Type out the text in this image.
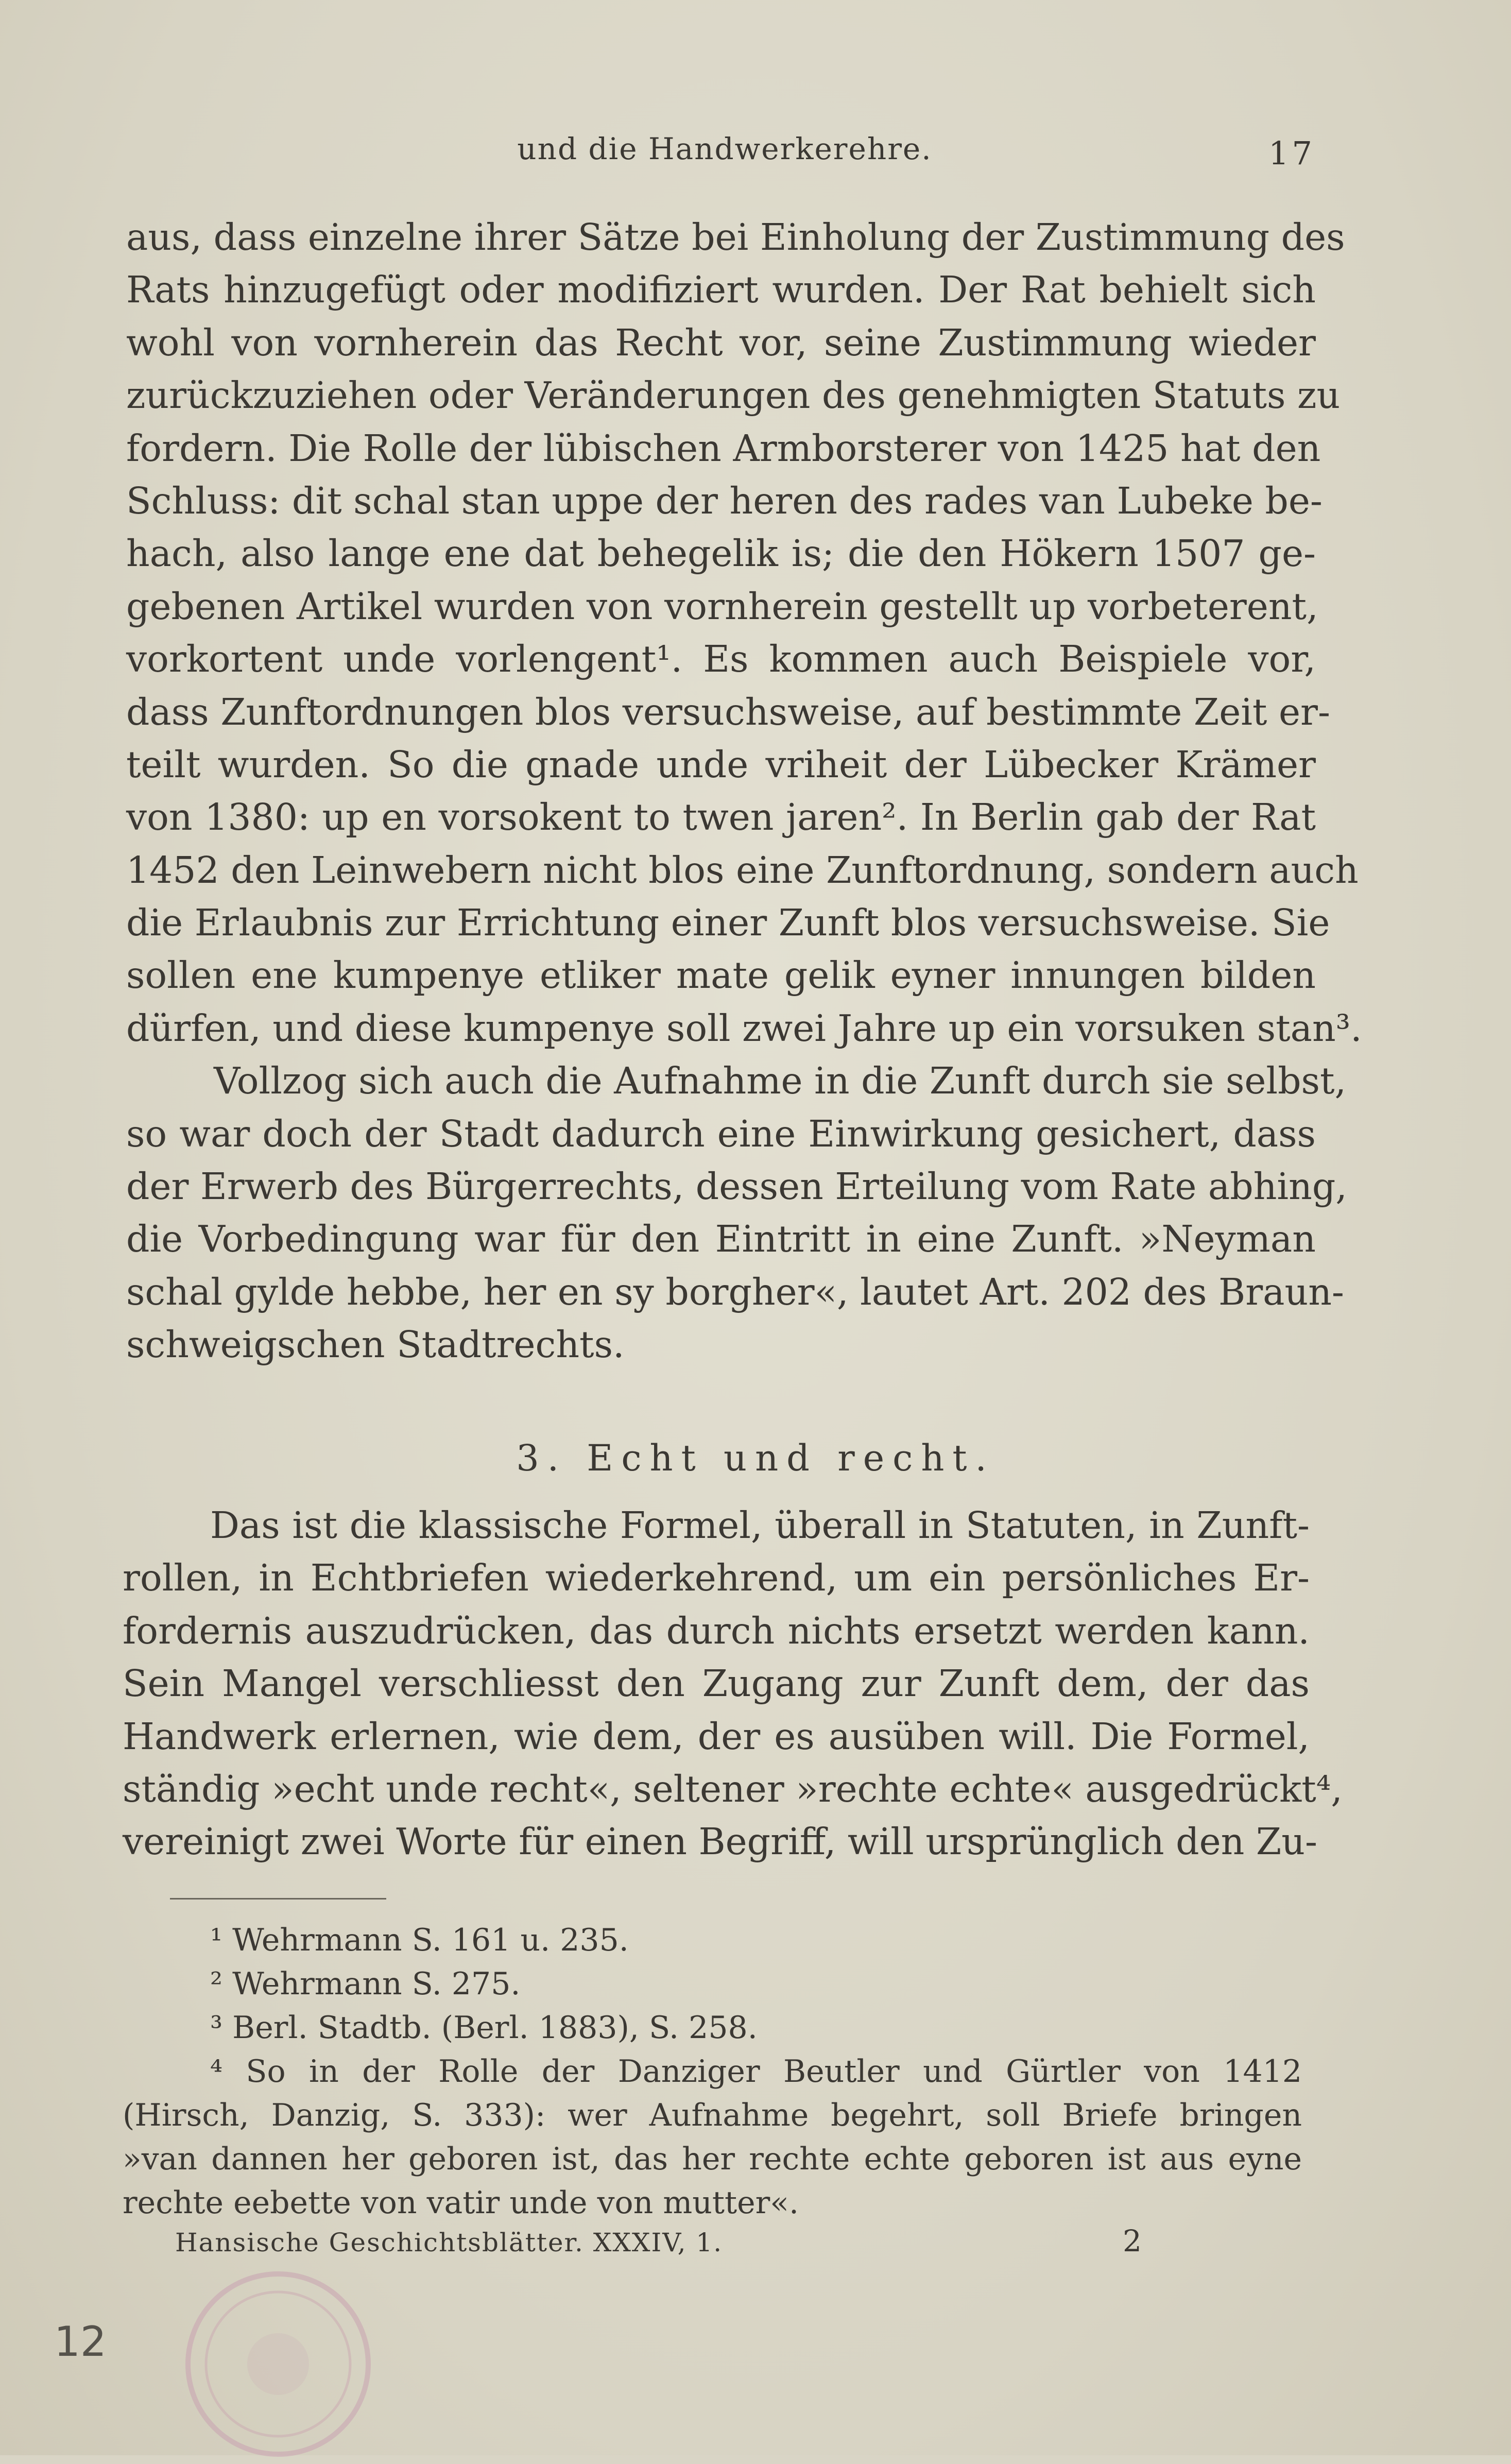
und die Handwerkerehre.	17
aus, dass einzelne ihrer Sätze bei Einholung der Zustimmung des
Rats hinzugefügt oder modifiziert wurden. Der Rat behielt sich
wohl von vornherein das Recht vor, seine Zustimmung wieder
zurückzuziehen oder Veränderungen des genehmigten Statuts zu
fordern. Die Rolle der lübischen Armborsterer von 1425 hat den
Schluss: dit schal stan uppe der heren des rades van Lubeke be-
hach, also lange ene dat behegelik is; die den Hökern 1507 ge-
gebenen Artikel wurden von vornherein gestellt up vorbeterent,
vorkortent unde vorlengent¹. Es kommen auch Beispiele vor,
dass Zunftordnungen blos versuchsweise, auf bestimmte Zeit er-
teilt wurden. So die gnade unde vriheit der Lübecker Krämer
von 1380: up en vorsokent to twen jaren². In Berlin gab der Rat
1452 den Leinwebern nicht blos eine Zunftordnung, sondern auch
die Erlaubnis zur Errichtung einer Zunft blos versuchsweise. Sie
sollen ene kumpenye etliker mate gelik eyner innungen bilden
dürfen, und diese kumpenye soll zwei Jahre up ein vorsuken stan³.
Vollzog sich auch die Aufnahme in die Zunft durch sie selbst,
so war doch der Stadt dadurch eine Einwirkung gesichert, dass
der Erwerb des Bürgerrechts, dessen Erteilung vom Rate abhing,
die Vorbedingung war für den Eintritt in eine Zunft. »Neyman
schal gylde hebbe, her en sy borgher«, lautet Art. 202 des Braun-
schweigschen Stadtrechts.
3. Echt und recht.
Das ist die klassische Formel, überall in Statuten, in Zunft-
rollen, in Echtbriefen wiederkehrend, um ein persönliches Er-
fordernis auszudrücken, das durch nichts ersetzt werden kann.
Sein Mangel verschliesst den Zugang zur Zunft dem, der das
Handwerk erlernen, wie dem, der es ausüben will. Die Formel,
ständig »echt unde recht«, seltener »rechte echte« ausgedrückt⁴,
vereinigt zwei Worte für einen Begriff, will ursprünglich den Zu-
¹ Wehrmann S. 161 u. 235.
² Wehrmann S. 275.
³ Berl. Stadtb. (Berl. 1883), S. 258.
⁴ So in der Rolle der Danziger Beutler und Gürtler von 1412
(Hirsch, Danzig, S. 333): wer Aufnahme begehrt, soll Briefe bringen
»van dannen her geboren ist, das her rechte echte geboren ist aus eyne
rechte eebette von vatir unde von mutter«.
Hansische Geschichtsblätter. XXXIV, 1.	2
12
